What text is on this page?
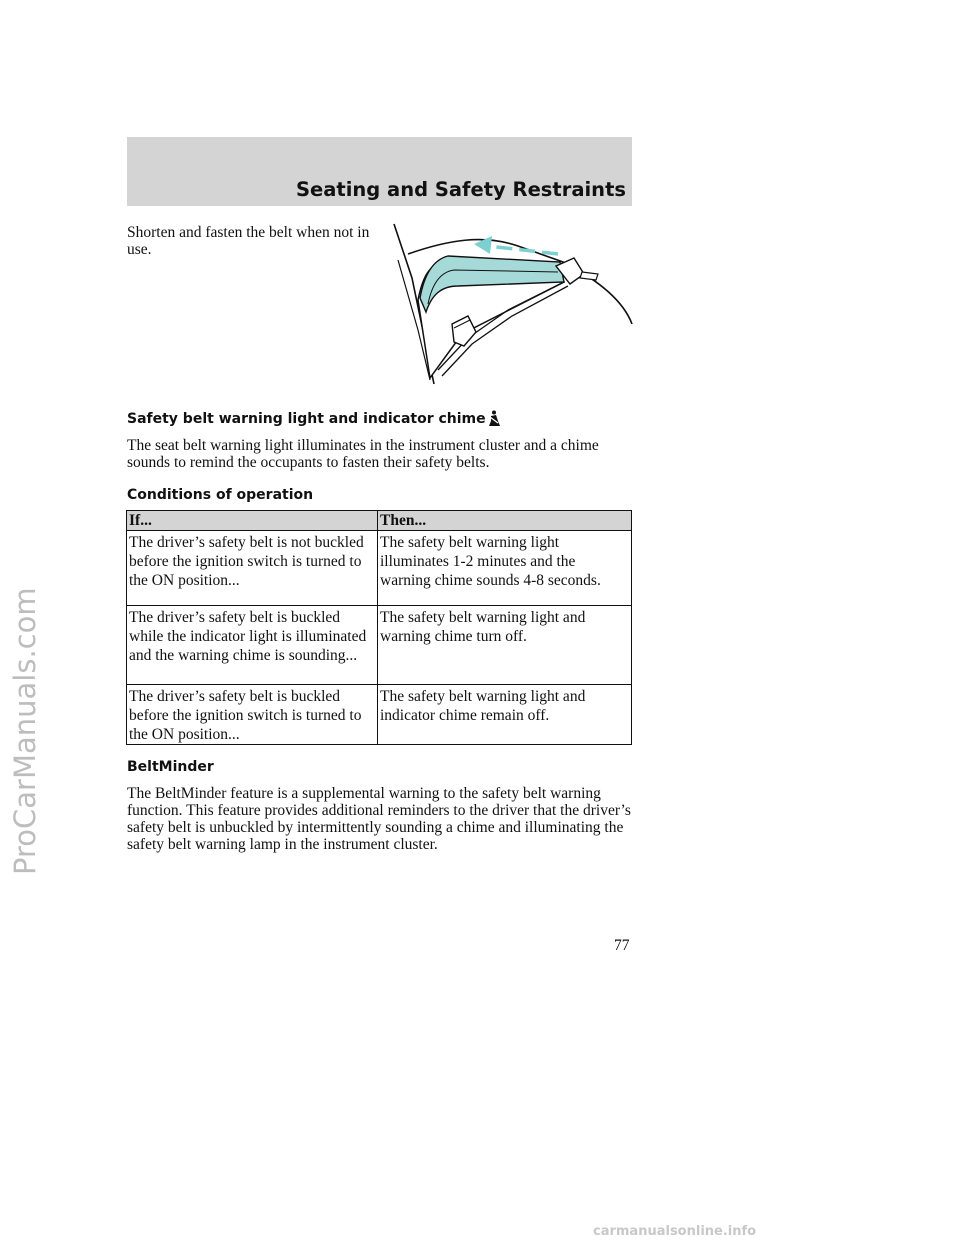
Seating and Safety Restraints
Shorten and fasten the belt when not in use.
Safety belt warning light and indicator chime
The seat belt warning light illuminates in the instrument cluster and a chime sounds to remind the occupants to fasten their safety belts.
Conditions of operation
If...	Then...
The driver’s safety belt is not buckled before the ignition switch is turned to the ON position...	The safety belt warning light illuminates 1-2 minutes and the warning chime sounds 4-8 seconds.
The driver’s safety belt is buckled while the indicator light is illuminated and the warning chime is sounding...	The safety belt warning light and warning chime turn off.
The driver’s safety belt is buckled before the ignition switch is turned to the ON position...	The safety belt warning light and indicator chime remain off.
BeltMinder
The BeltMinder feature is a supplemental warning to the safety belt warning function. This feature provides additional reminders to the driver that the driver’s safety belt is unbuckled by intermittently sounding a chime and illuminating the safety belt warning lamp in the instrument cluster.
77
ProCarManuals.com
carmanualsonline.info
